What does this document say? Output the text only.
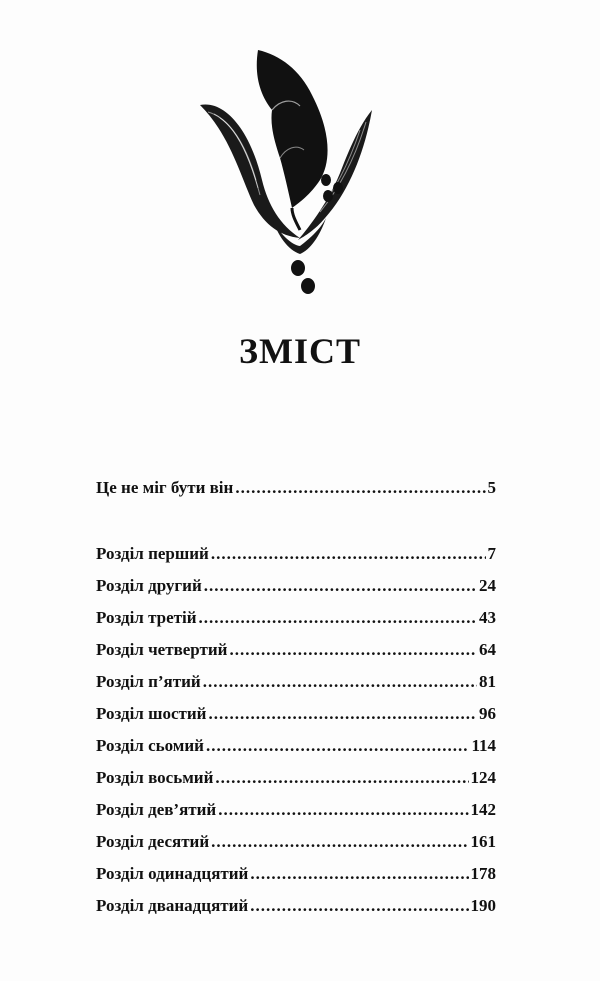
ЗМІСТ
Це не міг бути він .....	5
Розділ перший .....	7
Розділ другий .....	24
Розділ третій .....	43
Розділ четвертий .....	64
Розділ п’ятий .....	81
Розділ шостий .....	96
Розділ сьомий .....	114
Розділ восьмий .....	124
Розділ дев’ятий .....	142
Розділ десятий .....	161
Розділ одинадцятий .....	178
Розділ дванадцятий .....	190
